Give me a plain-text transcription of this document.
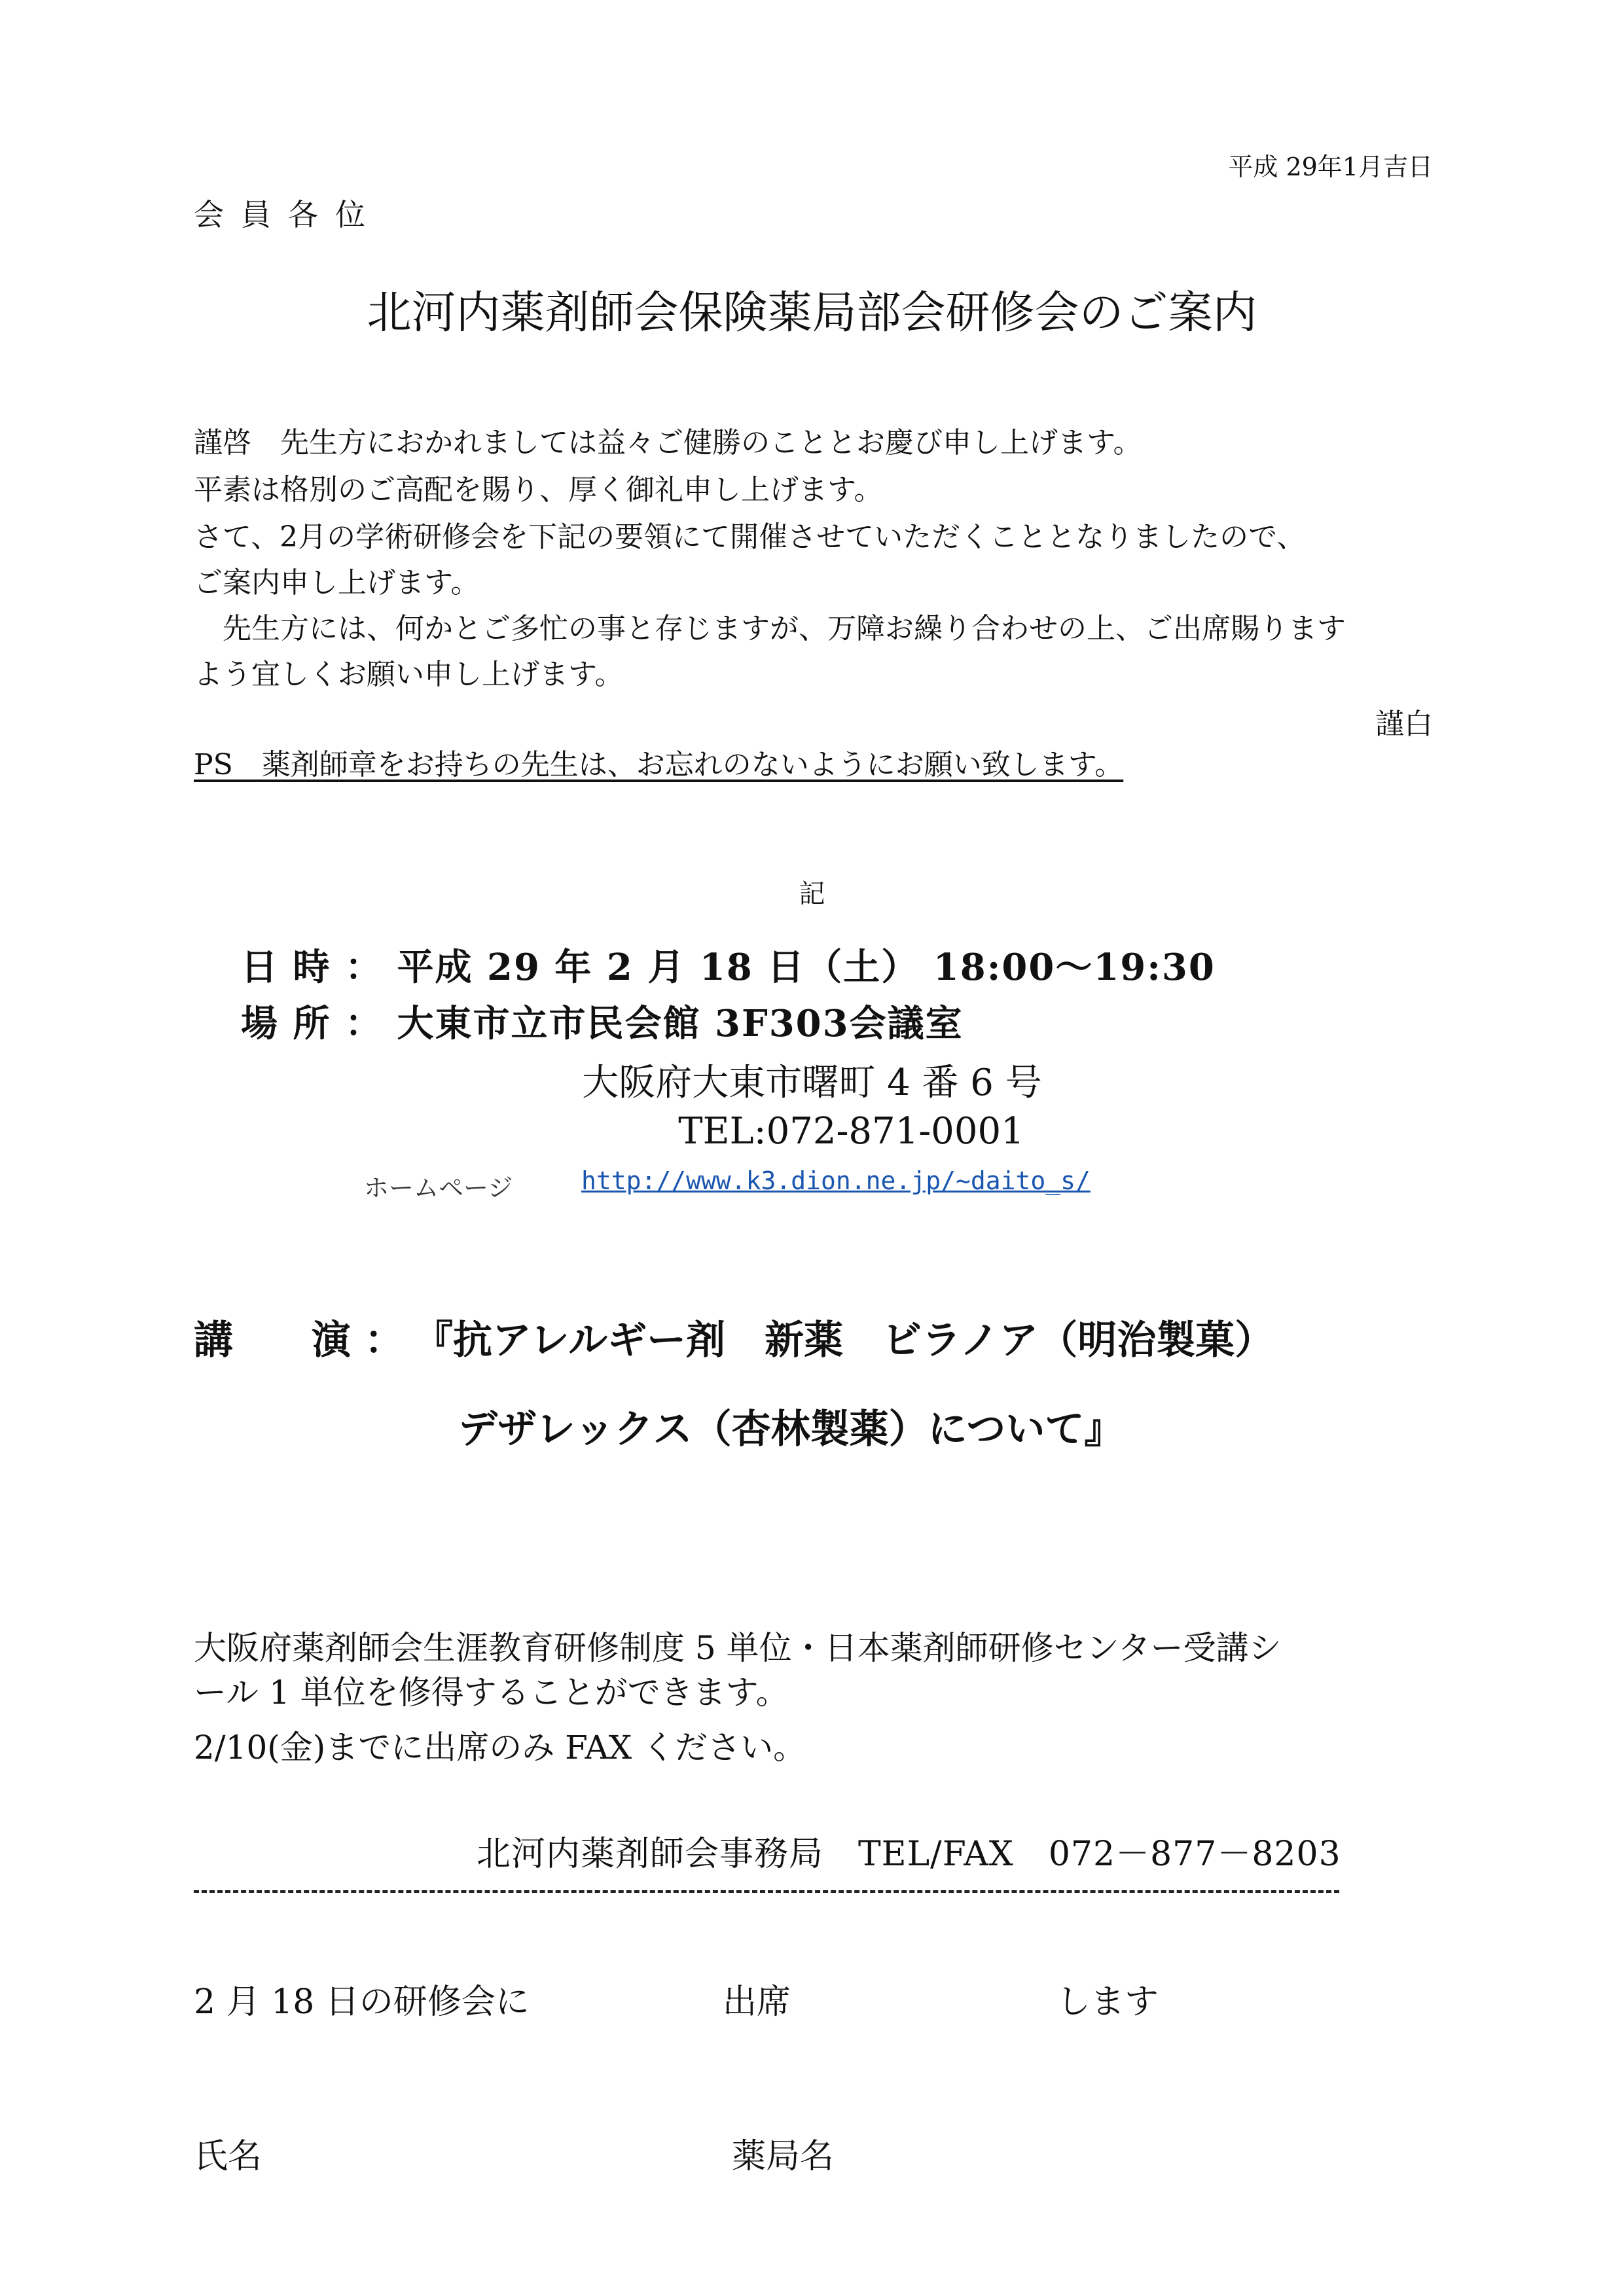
平成 29年1月吉日
会員各位
北河内薬剤師会保険薬局部会研修会のご案内
謹啓　先生方におかれましては益々ご健勝のこととお慶び申し上げます。
平素は格別のご高配を賜り、厚く御礼申し上げます。
さて、2月の学術研修会を下記の要領にて開催させていただくこととなりましたので、
ご案内申し上げます。
　先生方には、何かとご多忙の事と存じますが、万障お繰り合わせの上、ご出席賜ります
よう宜しくお願い申し上げます。
謹白
PS　薬剤師章をお持ちの先生は、お忘れのないようにお願い致します。
記
日 時 ： 平成 29 年 2 月 18 日（土） 18:00～19:30
場 所 ： 大東市立市民会館 3F303会議室
大阪府大東市曙町 4 番 6 号
TEL:072-871-0001
ホームページ	http://www.k3.dion.ne.jp/~daito_s/
講　　演 ： 『抗アレルギー剤　新薬　ビラノア（明治製菓）
デザレックス（杏林製薬）について』
大阪府薬剤師会生涯教育研修制度 5 単位・日本薬剤師研修センター受講シ
ール 1 単位を修得することができます。
2/10(金)までに出席のみ FAX ください。
北河内薬剤師会事務局　TEL/FAX　072－877－8203
2 月 18 日の研修会に	出席	します
氏名	薬局名
